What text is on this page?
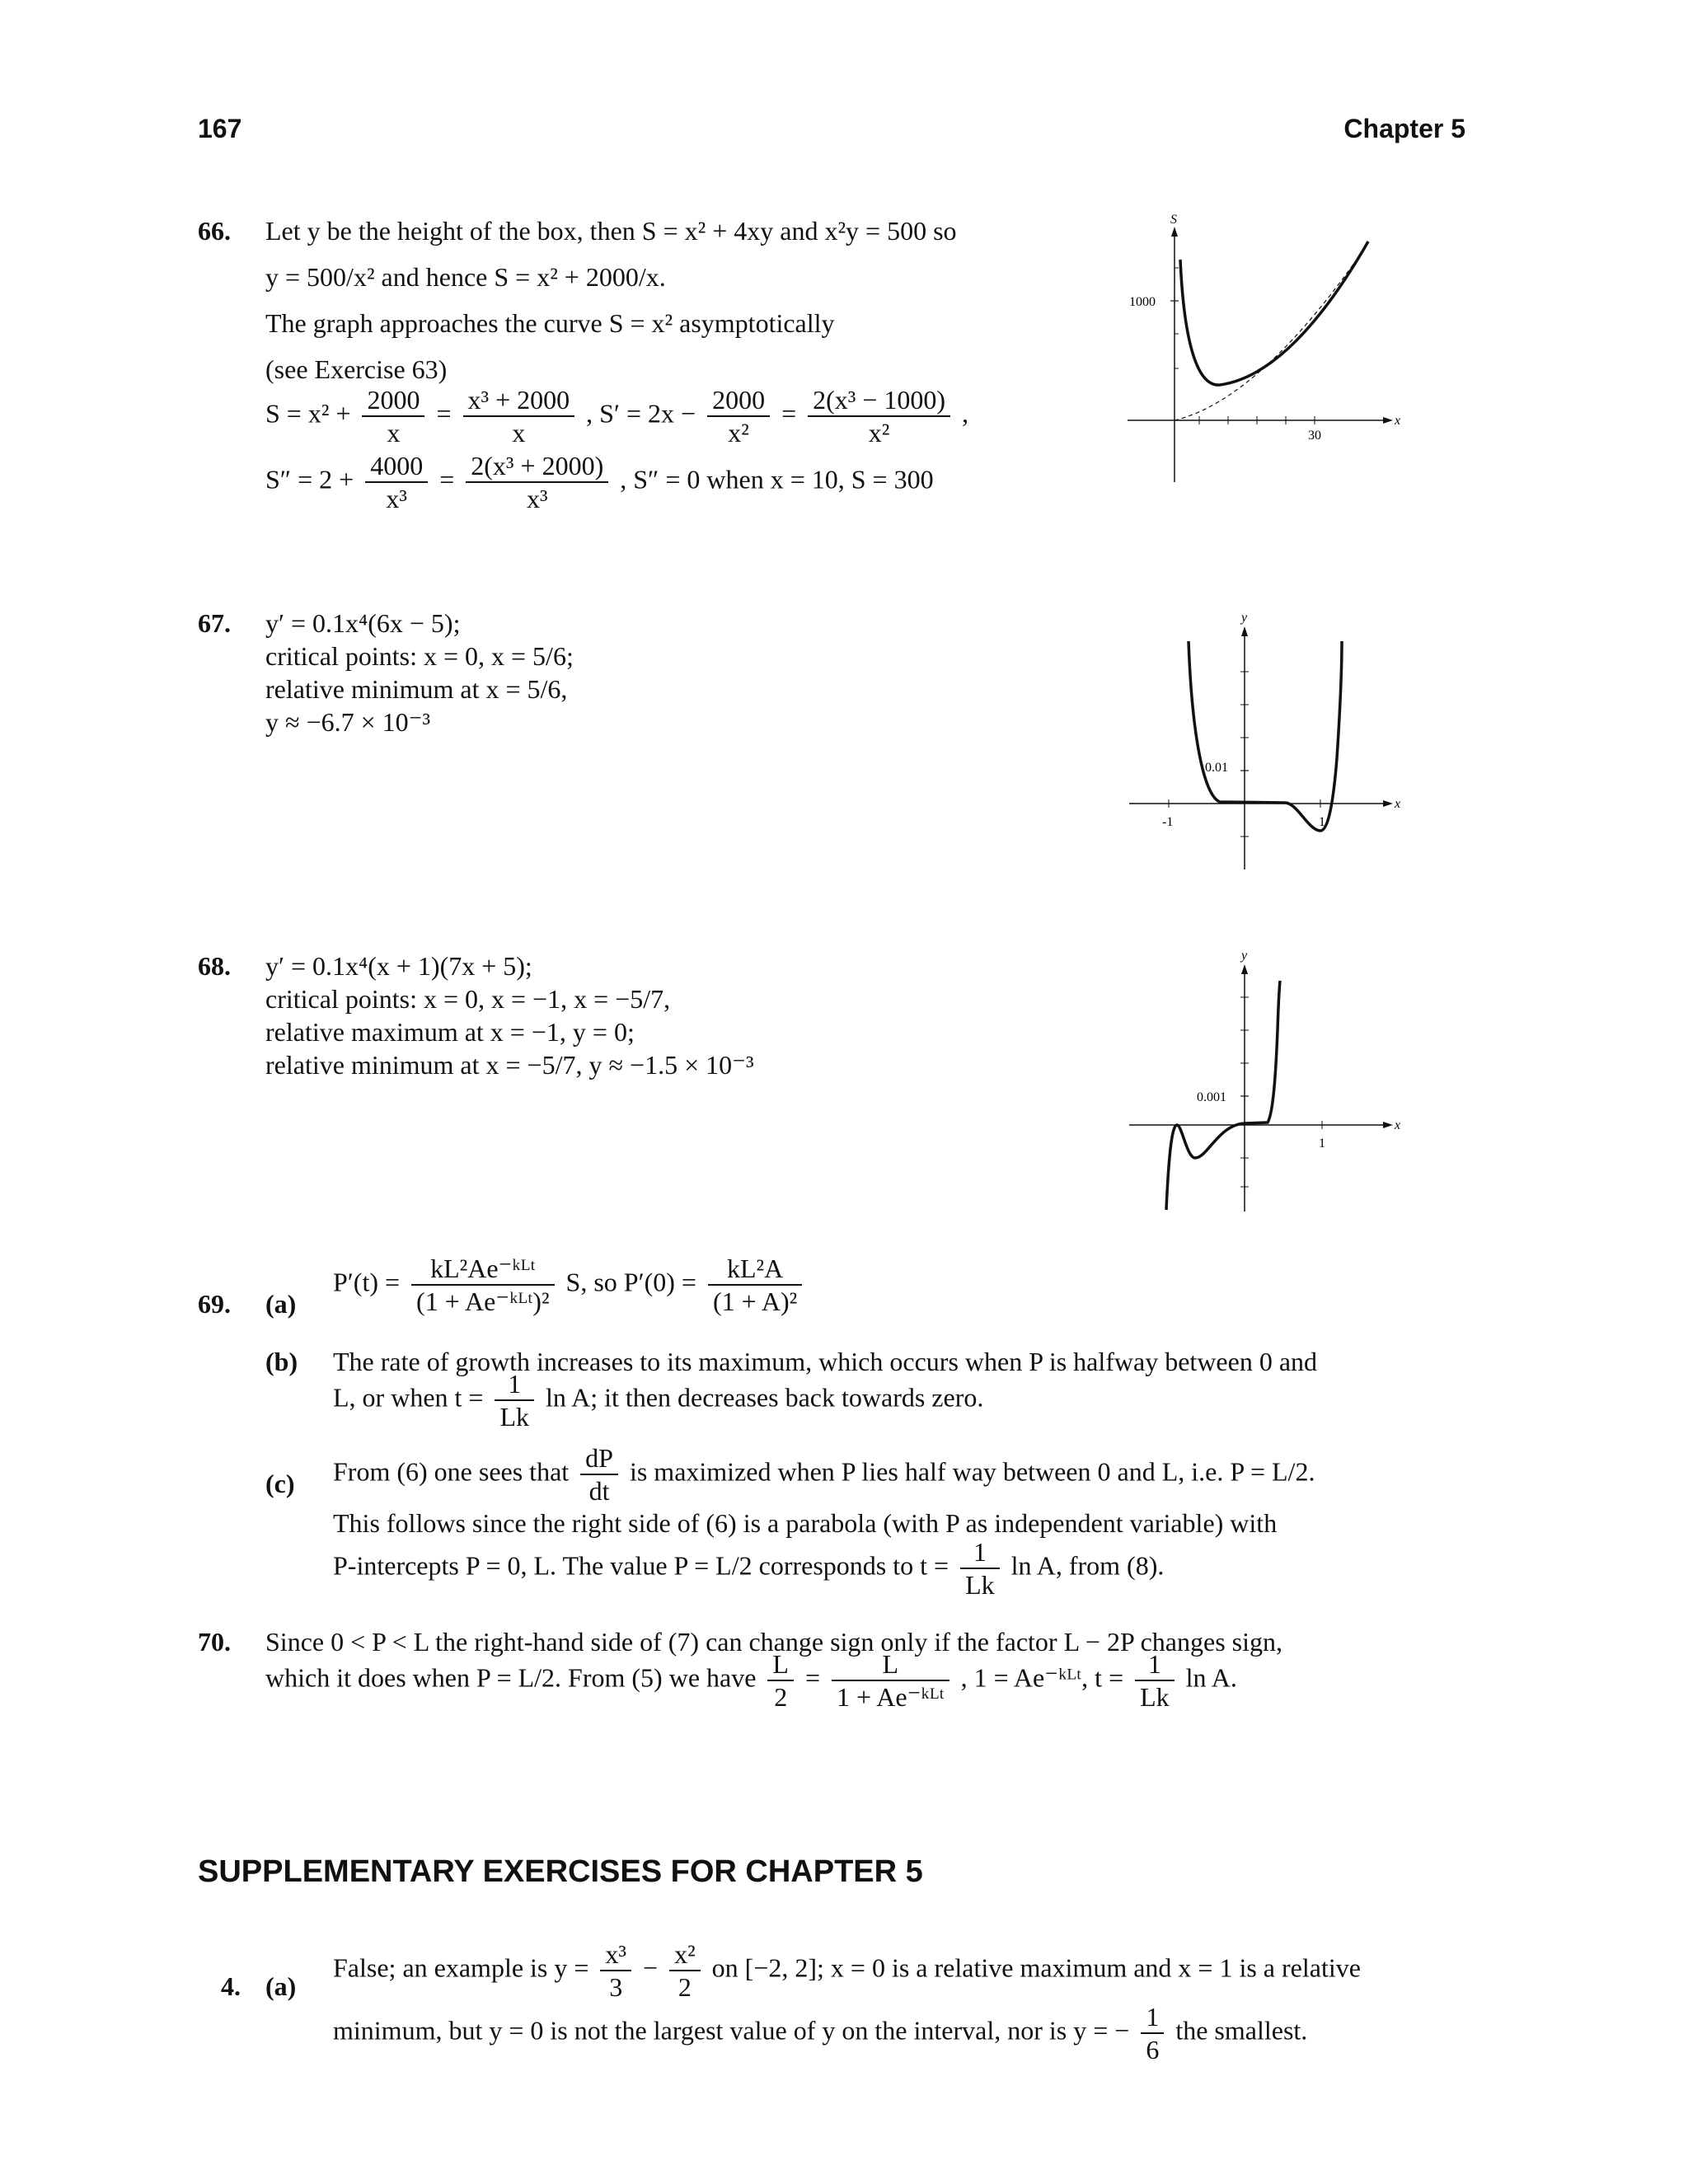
167	Chapter 5
66. Let y be the height of the box, then S = x² + 4xy and x²y = 500 so
y = 500/x² and hence S = x² + 2000/x.
The graph approaches the curve S = x² asymptotically
(see Exercise 63)
$S = x^2 + \frac{2000}{x} = \frac{\text{x³ + 2000}}{x}$ , $S' = 2x - \frac{2000}{\text{x²}} = \frac{\text{2(x³ − 1000)}}{\text{x²}}$ ,
$S'' = 2 + \frac{4000}{\text{x³}} = \frac{\text{2(x³ + 2000)}}{\text{x³}}$ , S″ = 0 when x = 10, S = 300
S
x
1000
30
67. y′ = 0.1x⁴(6x − 5);
critical points: x = 0, x = 5/6;
relative minimum at x = 5/6,
y ≈ −6.7 × 10⁻³
y
x
0.01
-1	1
68. y′ = 0.1x⁴(x + 1)(7x + 5);
critical points: x = 0, x = −1, x = −5/7,
relative maximum at x = −1, y = 0;
relative minimum at x = −5/7, y ≈ −1.5 × 10⁻³
y
x
0.001
1
69. (a)
P′(t) =	kL²Ae⁻ᵏᴸᵗ
(1 + Ae⁻ᵏᴸᵗ)²
S, so $P'(0) = \frac{\text{kL²A}}{\text{(1 + A)²}}$
(b) The rate of growth increases to its maximum, which occurs when P is halfway between 0 and
L, or when $t = \frac{1}{Lk}$ ln A; it then decreases back towards zero.
(c) From (6) one sees that $\frac{dP}{dt}$ is maximized when P lies half way between 0 and L, i.e. P = L/2.
This follows since the right side of (6) is a parabola (with P as independent variable) with
P-intercepts P = 0, L. The value P = L/2 corresponds to $t = \frac{1}{Lk}$ ln A, from (8).
70. Since 0 < P < L the right-hand side of (7) can change sign only if the factor L − 2P changes sign,
which it does when P = L/2. From (5) we have $\frac{L}{2}$ =	L
1 + Ae⁻ᵏᴸᵗ
, 1 = Ae⁻ᵏᴸᵗ, $t = \frac{1}{Lk}$ ln A.
SUPPLEMENTARY EXERCISES FOR CHAPTER 5
4. (a)
False; an example is $y = \frac{\text{x³}}{3} - \frac{\text{x²}}{2}$ on [−2, 2]; x = 0 is a relative maximum and x = 1 is a relative
minimum, but y = 0 is not the largest value of y on the interval, nor is y = − $\frac{1}{6}$ the smallest.
